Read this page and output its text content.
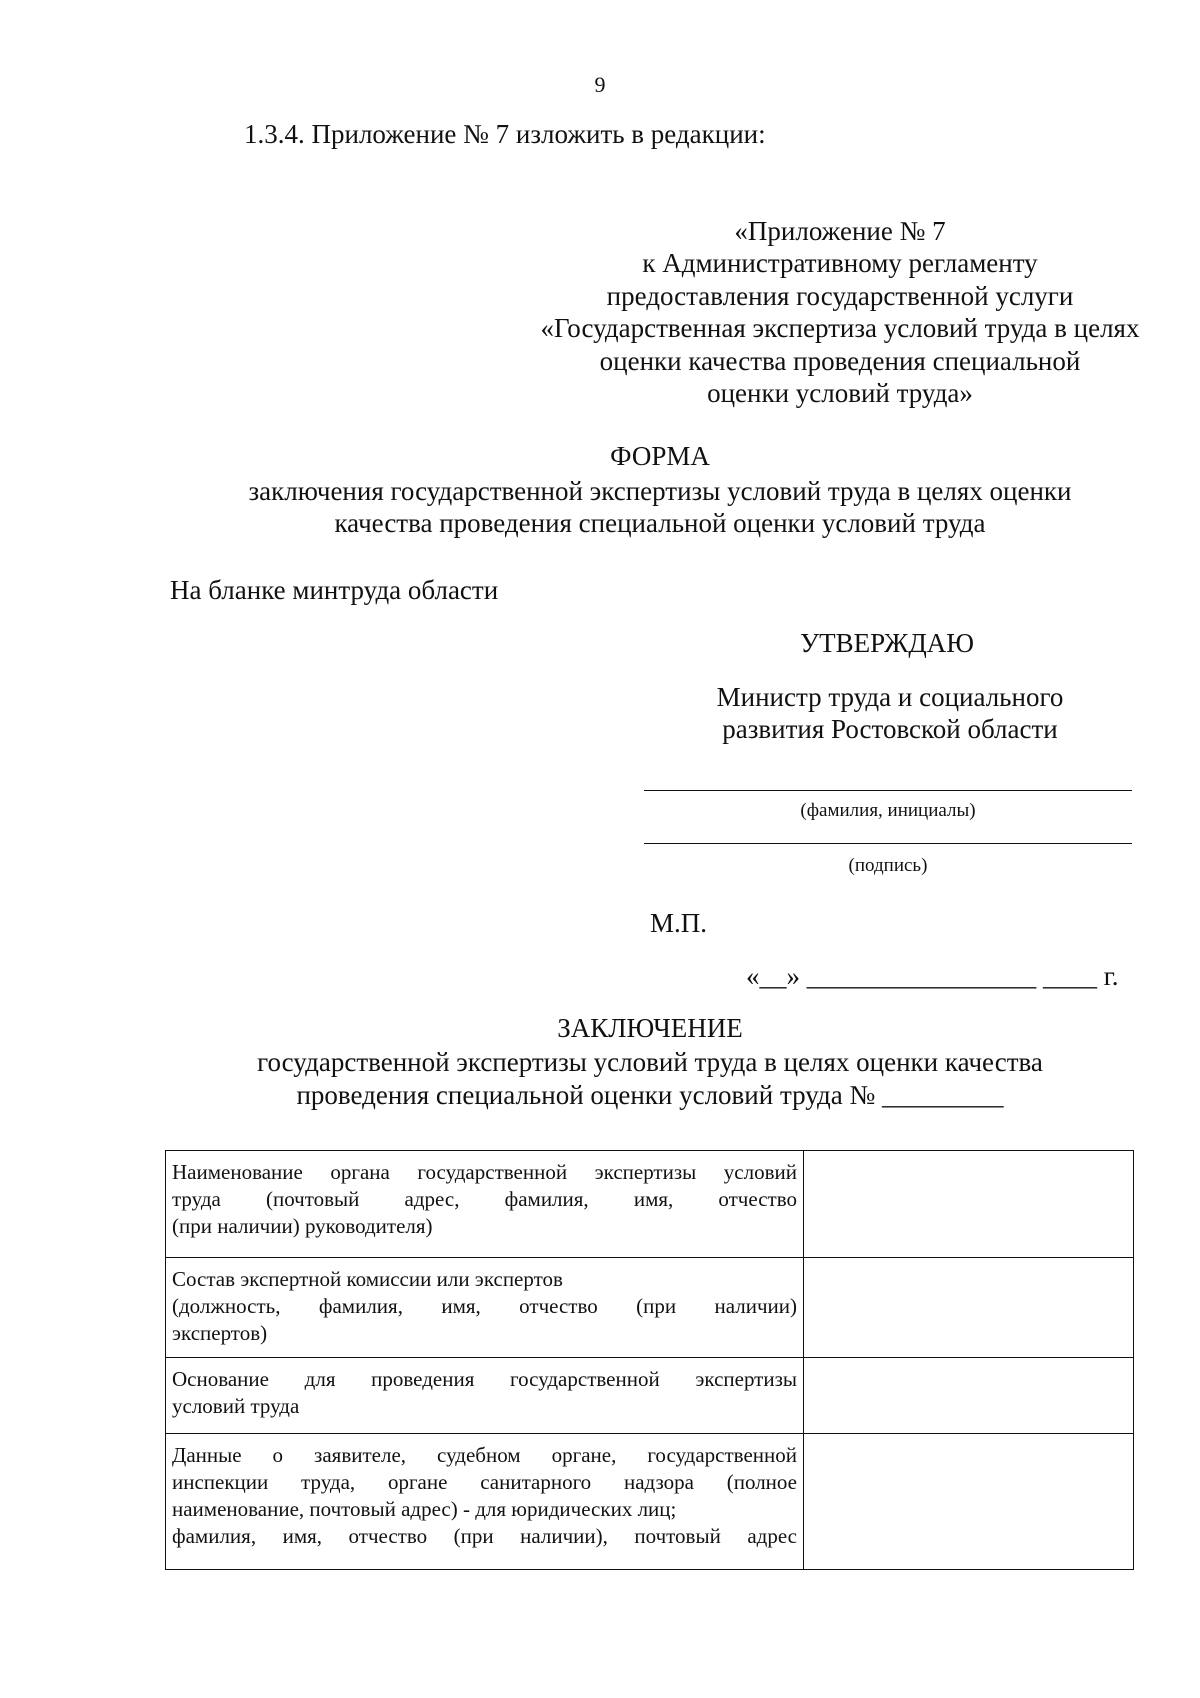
9
1.3.4. Приложение № 7 изложить в редакции:
«Приложение № 7
к Административному регламенту
предоставления государственной услуги
«Государственная экспертиза условий труда в целях
оценки качества проведения специальной
оценки условий труда»
ФОРМА
заключения государственной экспертизы условий труда в целях оценки
качества проведения специальной оценки условий труда
На бланке минтруда области
УТВЕРЖДАЮ
Министр труда и социального
развития Ростовской области
(фамилия, инициалы)
(подпись)
М.П.
«__» _________________ ____ г.
ЗАКЛЮЧЕНИЕ
государственной экспертизы условий труда в целях оценки качества
проведения специальной оценки условий труда № _________
Наименование органа государственной экспертизы условий
труда (почтовый адрес, фамилия, имя, отчество
(при наличии) руководителя)	

Состав экспертной комиссии или экспертов
(должность, фамилия, имя, отчество (при наличии)
экспертов)	

Основание для проведения государственной экспертизы
условий труда	

Данные о заявителе, судебном органе, государственной
инспекции труда, органе санитарного надзора (полное
наименование, почтовый адрес) - для юридических лиц;
фамилия, имя, отчество (при наличии), почтовый адрес	
